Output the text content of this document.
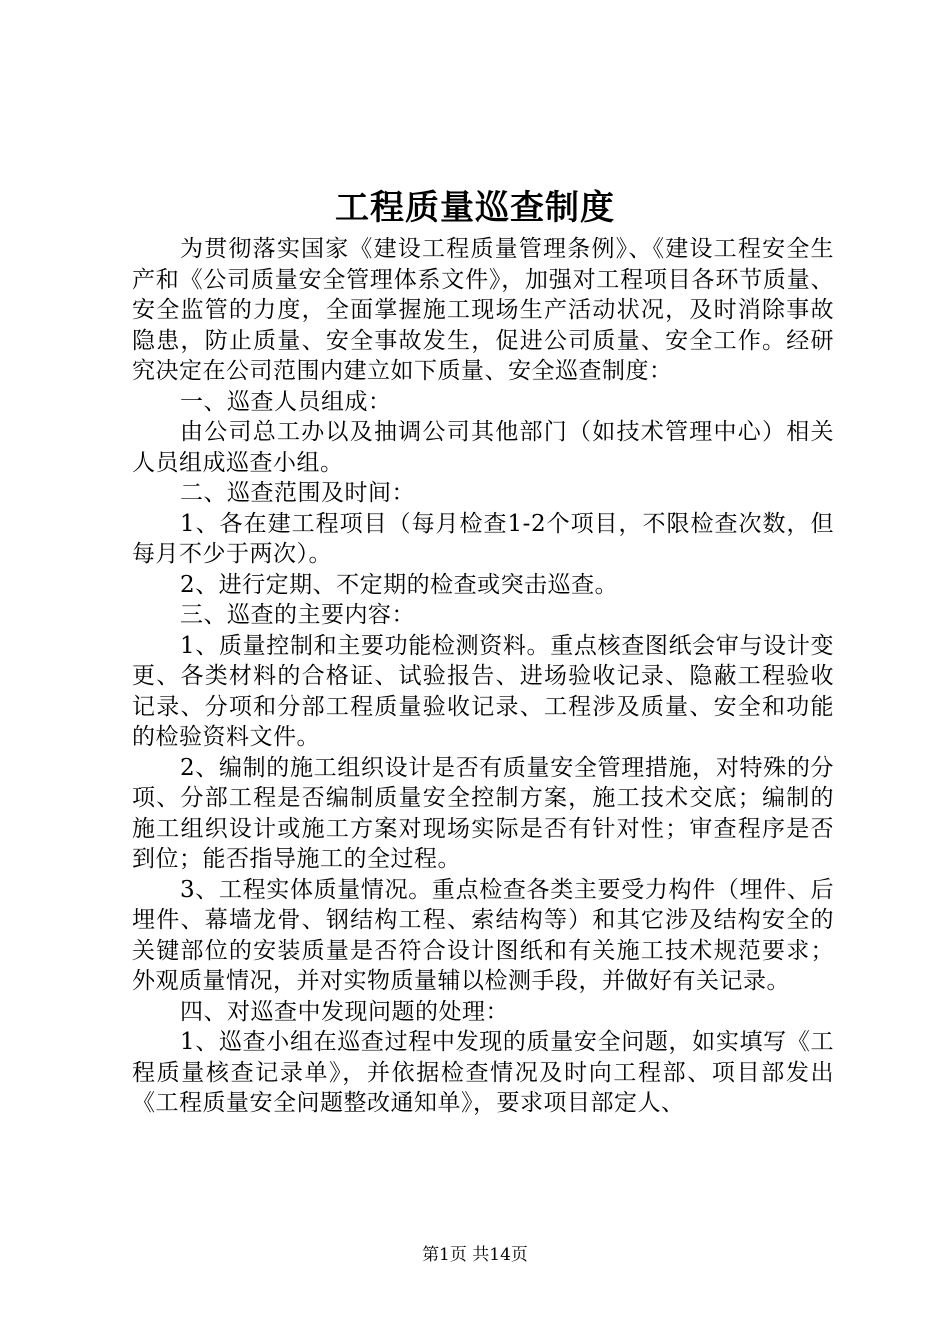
工程质量巡查制度

为贯彻落实国家《建设工程质量管理条例》、《建设工程安全生产和《公司质量安全管理体系文件》，加强对工程项目各环节质量、安全监管的力度，全面掌握施工现场生产活动状况，及时消除事故隐患，防止质量、安全事故发生，促进公司质量、安全工作。经研究决定在公司范围内建立如下质量、安全巡查制度：

一、巡查人员组成：

由公司总工办以及抽调公司其他部门（如技术管理中心）相关人员组成巡查小组。

二、巡查范围及时间：

1、各在建工程项目（每月检查1-2个项目，不限检查次数，但每月不少于两次）。

2、进行定期、不定期的检查或突击巡查。

三、巡查的主要内容：

1、质量控制和主要功能检测资料。重点核查图纸会审与设计变更、各类材料的合格证、试验报告、进场验收记录、隐蔽工程验收记录、分项和分部工程质量验收记录、工程涉及质量、安全和功能的检验资料文件。

2、编制的施工组织设计是否有质量安全管理措施，对特殊的分项、分部工程是否编制质量安全控制方案，施工技术交底；编制的施工组织设计或施工方案对现场实际是否有针对性；审查程序是否到位；能否指导施工的全过程。

3、工程实体质量情况。重点检查各类主要受力构件（埋件、后埋件、幕墙龙骨、钢结构工程、索结构等）和其它涉及结构安全的关键部位的安装质量是否符合设计图纸和有关施工技术规范要求；外观质量情况，并对实物质量辅以检测手段，并做好有关记录。

四、对巡查中发现问题的处理：

1、巡查小组在巡查过程中发现的质量安全问题，如实填写《工程质量核查记录单》，并依据检查情况及时向工程部、项目部发出《工程质量安全问题整改通知单》，要求项目部定人、

第1页 共14页
